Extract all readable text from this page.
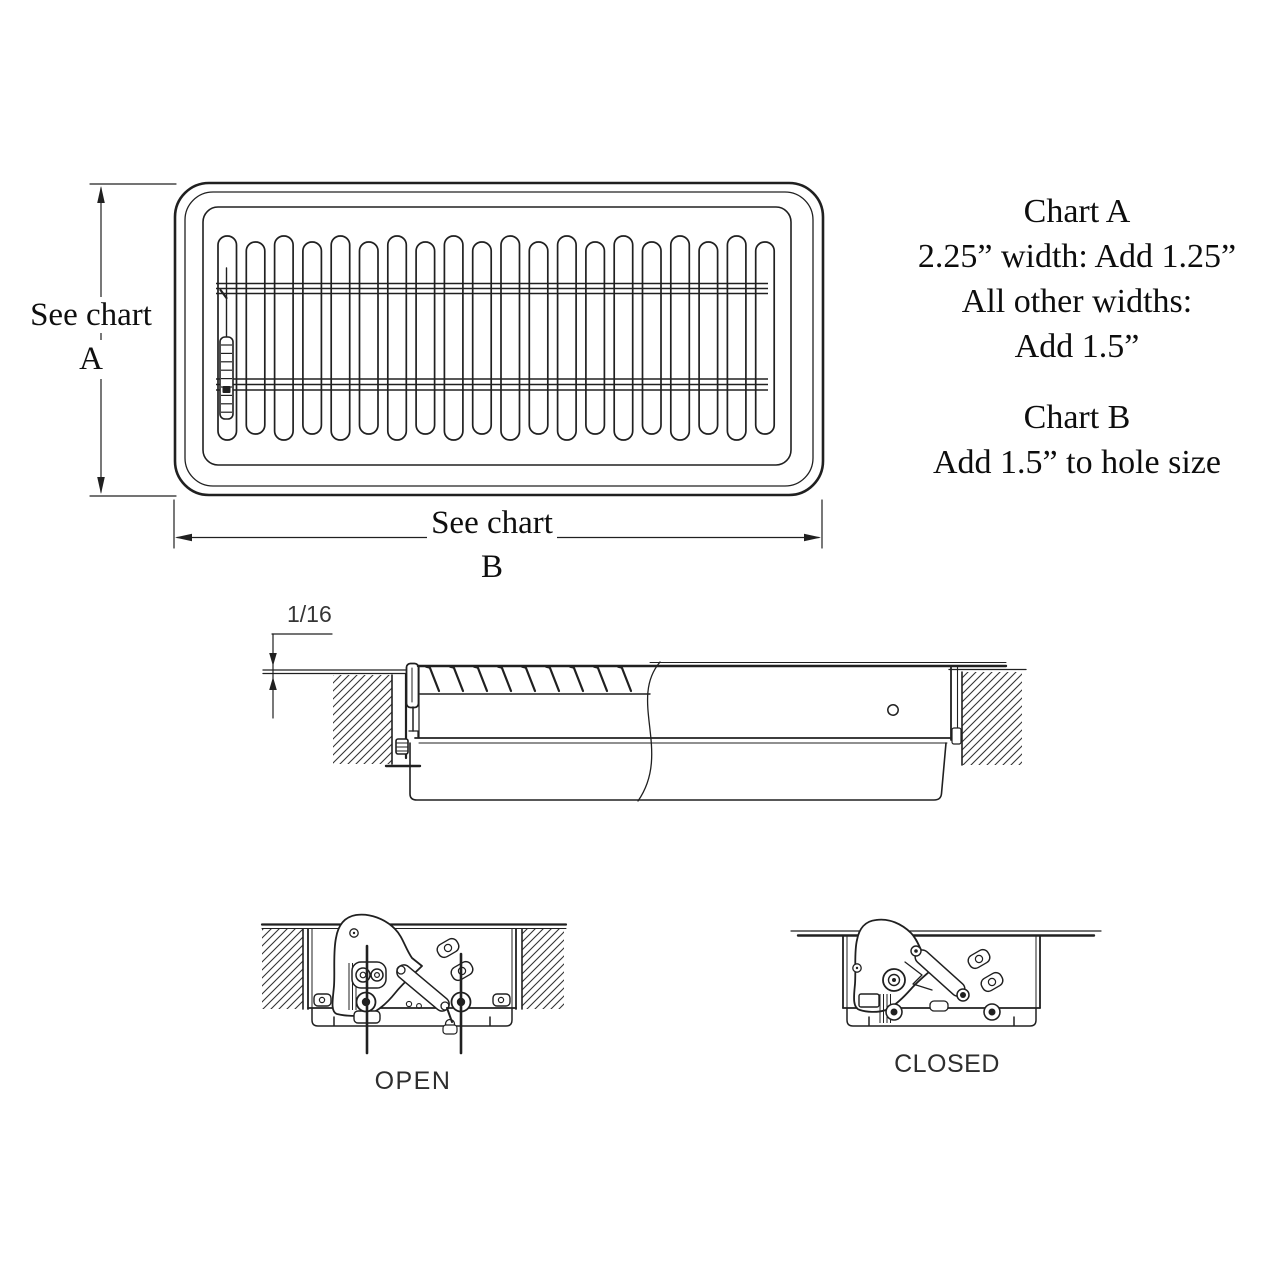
See chart
A
See chart
B
Chart A
2.25” width: Add 1.25”
All other widths:
Add 1.5”
Chart B
Add 1.5” to hole size
1/16
OPEN
CLOSED
